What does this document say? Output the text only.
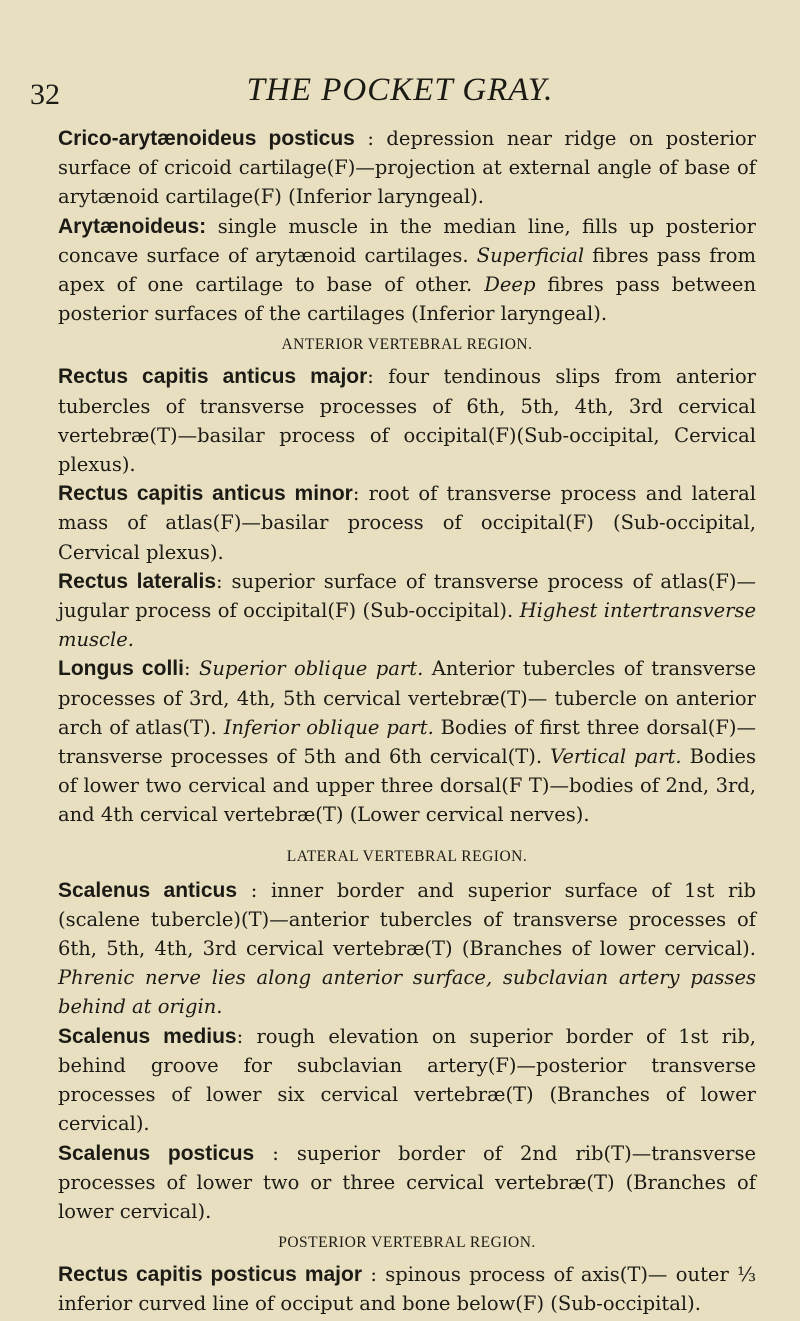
32	THE POCKET GRAY.

Crico-arytænoideus posticus : depression near ridge on posterior surface of cricoid cartilage(F)—projection at external angle of base of arytænoid cartilage(F) (Inferior laryngeal).

Arytænoideus: single muscle in the median line, fills up posterior concave surface of arytænoid cartilages. Superficial fibres pass from apex of one cartilage to base of other. Deep fibres pass between posterior surfaces of the cartilages (Inferior laryngeal).

ANTERIOR VERTEBRAL REGION.

Rectus capitis anticus major: four tendinous slips from anterior tubercles of transverse processes of 6th, 5th, 4th, 3rd cervical vertebræ(T)—basilar process of occipital(F)(Sub-occipital, Cervical plexus).

Rectus capitis anticus minor: root of transverse process and lateral mass of atlas(F)—basilar process of occipital(F) (Sub-occipital, Cervical plexus).

Rectus lateralis: superior surface of transverse process of atlas(F)—jugular process of occipital(F) (Sub-occipital). Highest intertransverse muscle.

Longus colli: Superior oblique part. Anterior tubercles of transverse processes of 3rd, 4th, 5th cervical vertebræ(T)— tubercle on anterior arch of atlas(T). Inferior oblique part. Bodies of first three dorsal(F)—transverse processes of 5th and 6th cervical(T). Vertical part. Bodies of lower two cervical and upper three dorsal(F T)—bodies of 2nd, 3rd, and 4th cervical vertebræ(T) (Lower cervical nerves).

LATERAL VERTEBRAL REGION.

Scalenus anticus : inner border and superior surface of 1st rib (scalene tubercle)(T)—anterior tubercles of transverse processes of 6th, 5th, 4th, 3rd cervical vertebræ(T) (Branches of lower cervical). Phrenic nerve lies along anterior surface, subclavian artery passes behind at origin.

Scalenus medius: rough elevation on superior border of 1st rib, behind groove for subclavian artery(F)—posterior transverse processes of lower six cervical vertebræ(T) (Branches of lower cervical).

Scalenus posticus : superior border of 2nd rib(T)—transverse processes of lower two or three cervical vertebræ(T) (Branches of lower cervical).

POSTERIOR VERTEBRAL REGION.

Rectus capitis posticus major : spinous process of axis(T)— outer ⅓ inferior curved line of occiput and bone below(F) (Sub-occipital).
